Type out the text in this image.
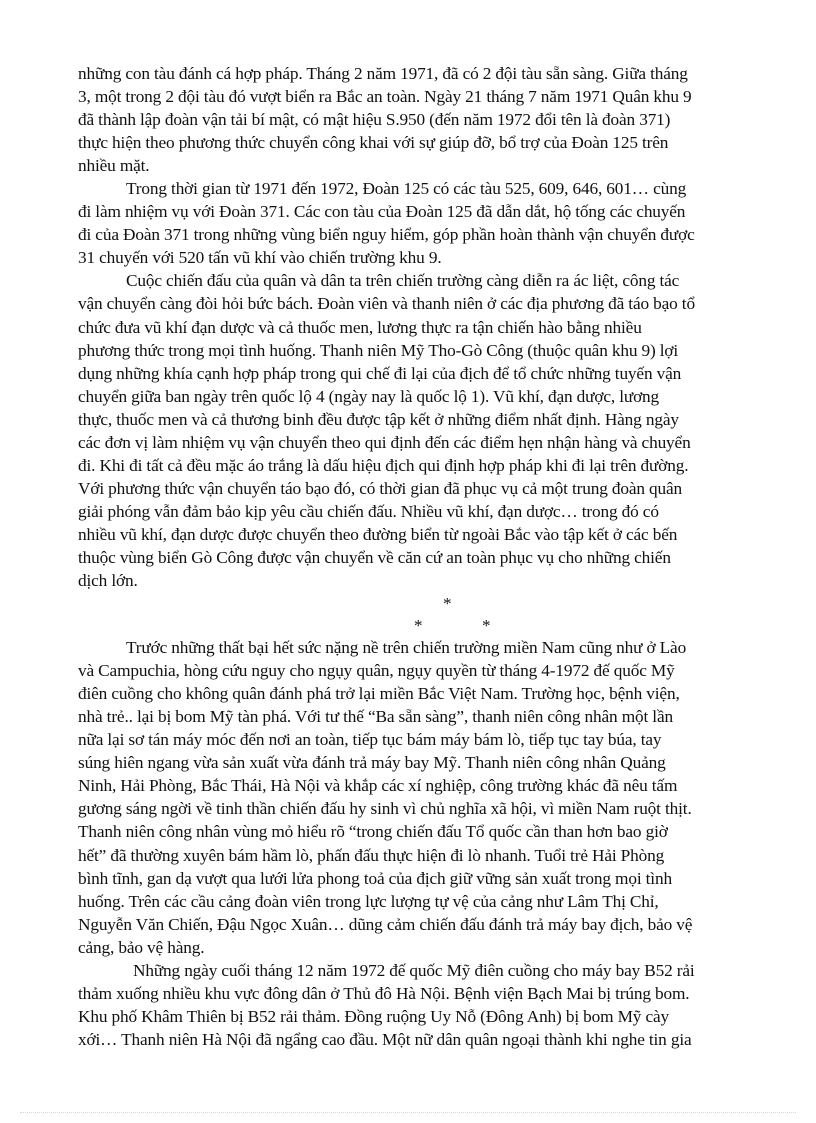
những con tàu đánh cá hợp pháp. Tháng 2 năm 1971, đã có 2 đội tàu sẵn sàng. Giữa tháng
3, một trong 2 đội tàu đó vượt biển ra Bắc an toàn. Ngày 21 tháng 7 năm 1971 Quân khu 9
đã thành lập đoàn vận tải bí mật, có mật hiệu S.950 (đến năm 1972 đổi tên là đoàn 371)
thực hiện theo phương thức chuyển công khai với sự giúp đỡ, bổ trợ của Đoàn 125 trên
nhiều mặt.
Trong thời gian từ 1971 đến 1972, Đoàn 125 có các tàu 525, 609, 646, 601… cùng
đi làm nhiệm vụ với Đoàn 371. Các con tàu của Đoàn 125 đã dẫn dắt, hộ tống các chuyến
đi của Đoàn 371 trong những vùng biển nguy hiểm, góp phần hoàn thành vận chuyển được
31 chuyến với 520 tấn vũ khí vào chiến trường khu 9.
Cuộc chiến đấu của quân và dân ta trên chiến trường càng diễn ra ác liệt, công tác
vận chuyển càng đòi hỏi bức bách. Đoàn viên và thanh niên ở các địa phương đã táo bạo tổ
chức đưa vũ khí đạn dược và cả thuốc men, lương thực ra tận chiến hào bằng nhiều
phương thức trong mọi tình huống. Thanh niên Mỹ Tho-Gò Công (thuộc quân khu 9) lợi
dụng những khía cạnh hợp pháp trong qui chế đi lại của địch để tổ chức những tuyến vận
chuyển giữa ban ngày trên quốc lộ 4 (ngày nay là quốc lộ 1). Vũ khí, đạn dược, lương
thực, thuốc men và cả thương binh đều được tập kết ở những điểm nhất định. Hàng ngày
các đơn vị làm nhiệm vụ vận chuyển theo qui định đến các điểm hẹn nhận hàng và chuyển
đi. Khi đi tất cả đều mặc áo trắng là dấu hiệu địch qui định hợp pháp khi đi lại trên đường.
Với phương thức vận chuyển táo bạo đó, có thời gian đã phục vụ cả một trung đoàn quân
giải phóng vẫn đảm bảo kịp yêu cầu chiến đấu. Nhiều vũ khí, đạn dược… trong đó có
nhiều vũ khí, đạn dược được chuyển theo đường biển từ ngoài Bắc vào tập kết ở các bến
thuộc vùng biển Gò Công được vận chuyển về căn cứ an toàn phục vụ cho những chiến
dịch lớn.
*
*	*
Trước những thất bại hết sức nặng nề trên chiến trường miền Nam cũng như ở Lào
và Campuchia, hòng cứu nguy cho ngụy quân, ngụy quyền từ tháng 4-1972 đế quốc Mỹ
điên cuồng cho không quân đánh phá trở lại miền Bắc Việt Nam. Trường học, bệnh viện,
nhà trẻ.. lại bị bom Mỹ tàn phá. Với tư thế “Ba sẵn sàng”, thanh niên công nhân một lần
nữa lại sơ tán máy móc đến nơi an toàn, tiếp tục bám máy bám lò, tiếp tục tay búa, tay
súng hiên ngang vừa sản xuất vừa đánh trả máy bay Mỹ. Thanh niên công nhân Quảng
Ninh, Hải Phòng, Bắc Thái, Hà Nội và khắp các xí nghiệp, công trường khác đã nêu tấm
gương sáng ngời về tinh thần chiến đấu hy sinh vì chủ nghĩa xã hội, vì miền Nam ruột thịt.
Thanh niên công nhân vùng mỏ hiểu rõ “trong chiến đấu Tổ quốc cần than hơn bao giờ
hết” đã thường xuyên bám hầm lò, phấn đấu thực hiện đi lò nhanh. Tuổi trẻ Hải Phòng
bình tĩnh, gan dạ vượt qua lưới lửa phong toả của địch giữ vững sản xuất trong mọi tình
huống. Trên các cầu cảng đoàn viên trong lực lượng tự vệ của cảng như Lâm Thị Chỉ,
Nguyễn Văn Chiến, Đậu Ngọc Xuân… dũng cảm chiến đấu đánh trả máy bay địch, bảo vệ
cảng, bảo vệ hàng.
Những ngày cuối tháng 12 năm 1972 đế quốc Mỹ điên cuồng cho máy bay B52 rải
thảm xuống nhiều khu vực đông dân ở Thủ đô Hà Nội. Bệnh viện Bạch Mai bị trúng bom.
Khu phố Khâm Thiên bị B52 rải thảm. Đồng ruộng Uy Nỗ (Đông Anh) bị bom Mỹ cày
xới… Thanh niên Hà Nội đã ngẩng cao đầu. Một nữ dân quân ngoại thành khi nghe tin gia
